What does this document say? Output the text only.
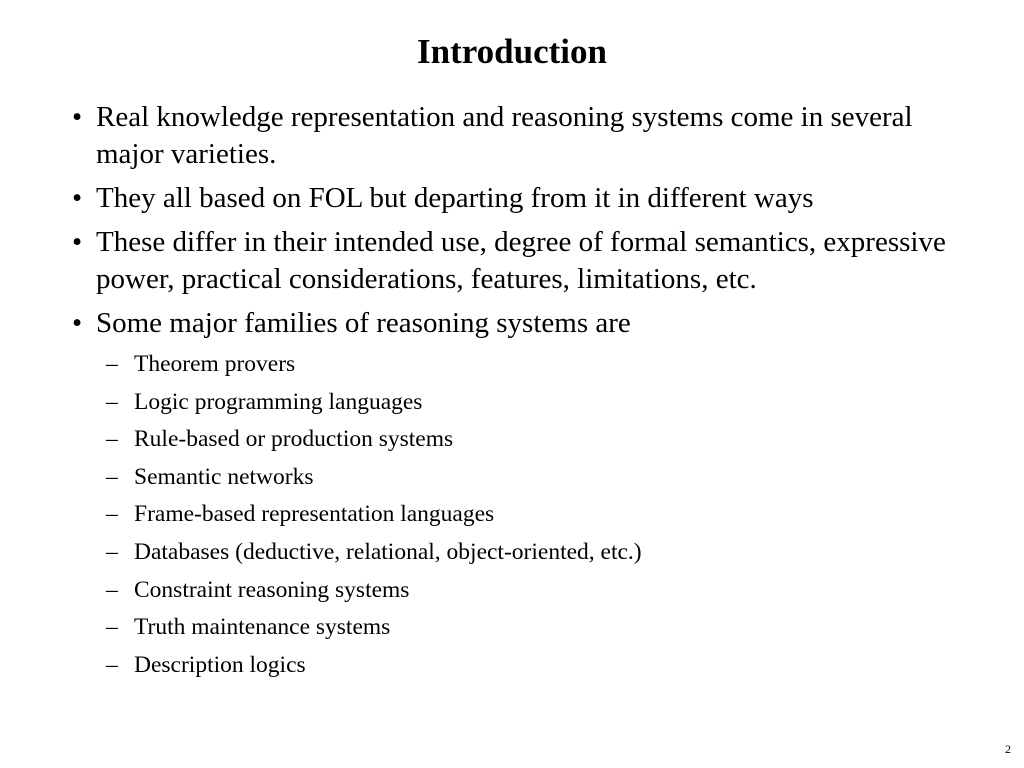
Introduction
• Real knowledge representation and reasoning systems come in several major varieties.
• They all based on FOL but departing from it in different ways
• These differ in their intended use, degree of formal semantics, expressive power, practical considerations, features, limitations, etc.
• Some major families of reasoning systems are
– Theorem provers
– Logic programming languages
– Rule-based or production systems
– Semantic networks
– Frame-based representation languages
– Databases (deductive, relational, object-oriented, etc.)
– Constraint reasoning systems
– Truth maintenance systems
– Description logics
2
